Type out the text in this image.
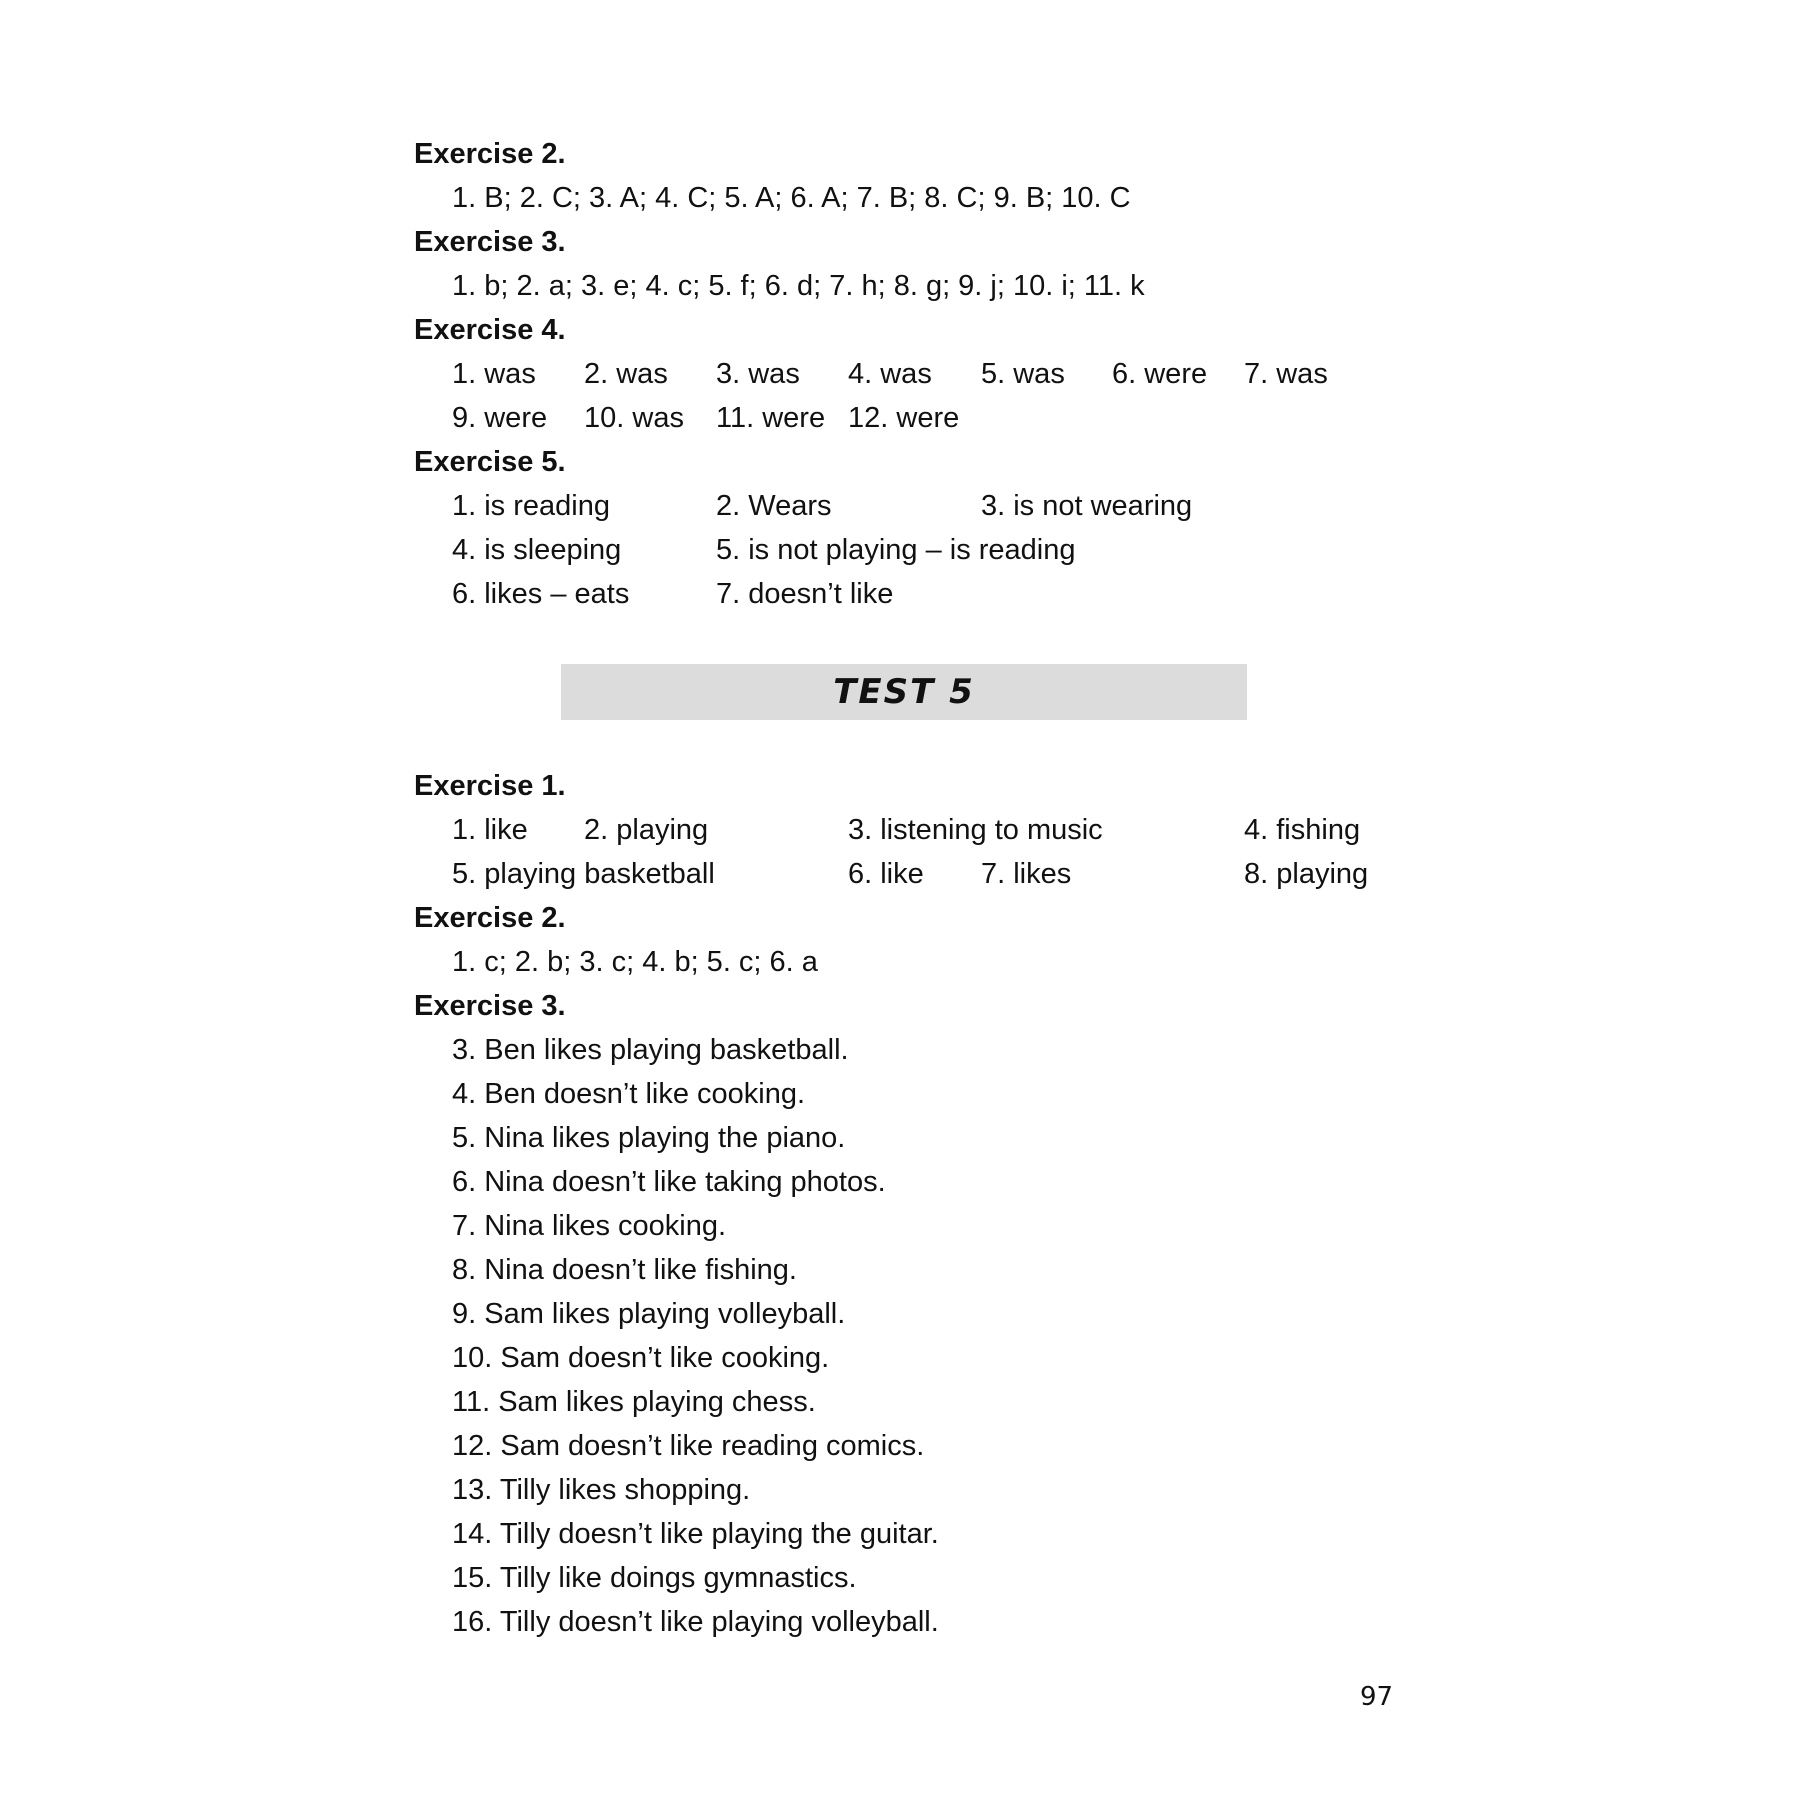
Exercise 2.
1. B; 2. C; 3. A; 4. C; 5. A; 6. A; 7. B; 8. C; 9. B; 10. C
Exercise 3.
1. b; 2. a; 3. e; 4. c; 5. f; 6. d; 7. h; 8. g; 9. j; 10. i; 11. k
Exercise 4.
1. was 2. was 3. was 4. was 5. was 6. were 7. was
9. were 10. was 11. were 12. were
Exercise 5.
1. is reading	2. Wears	3. is not wearing
4. is sleeping	5. is not playing – is reading
6. likes – eats	7. doesn’t like
TEST 5
Exercise 1.
1. like 2. playing	3. listening to music	4. fishing
5. playing basketball	6. like 7. likes	8. playing
Exercise 2.
1. c; 2. b; 3. c; 4. b; 5. c; 6. a
Exercise 3.
3. Ben likes playing basketball.
4. Ben doesn’t like cooking.
5. Nina likes playing the piano.
6. Nina doesn’t like taking photos.
7. Nina likes cooking.
8. Nina doesn’t like fishing.
9. Sam likes playing volleyball.
10. Sam doesn’t like cooking.
11. Sam likes playing chess.
12. Sam doesn’t like reading comics.
13. Tilly likes shopping.
14. Tilly doesn’t like playing the guitar.
15. Tilly like doings gymnastics.
16. Tilly doesn’t like playing volleyball.
97
